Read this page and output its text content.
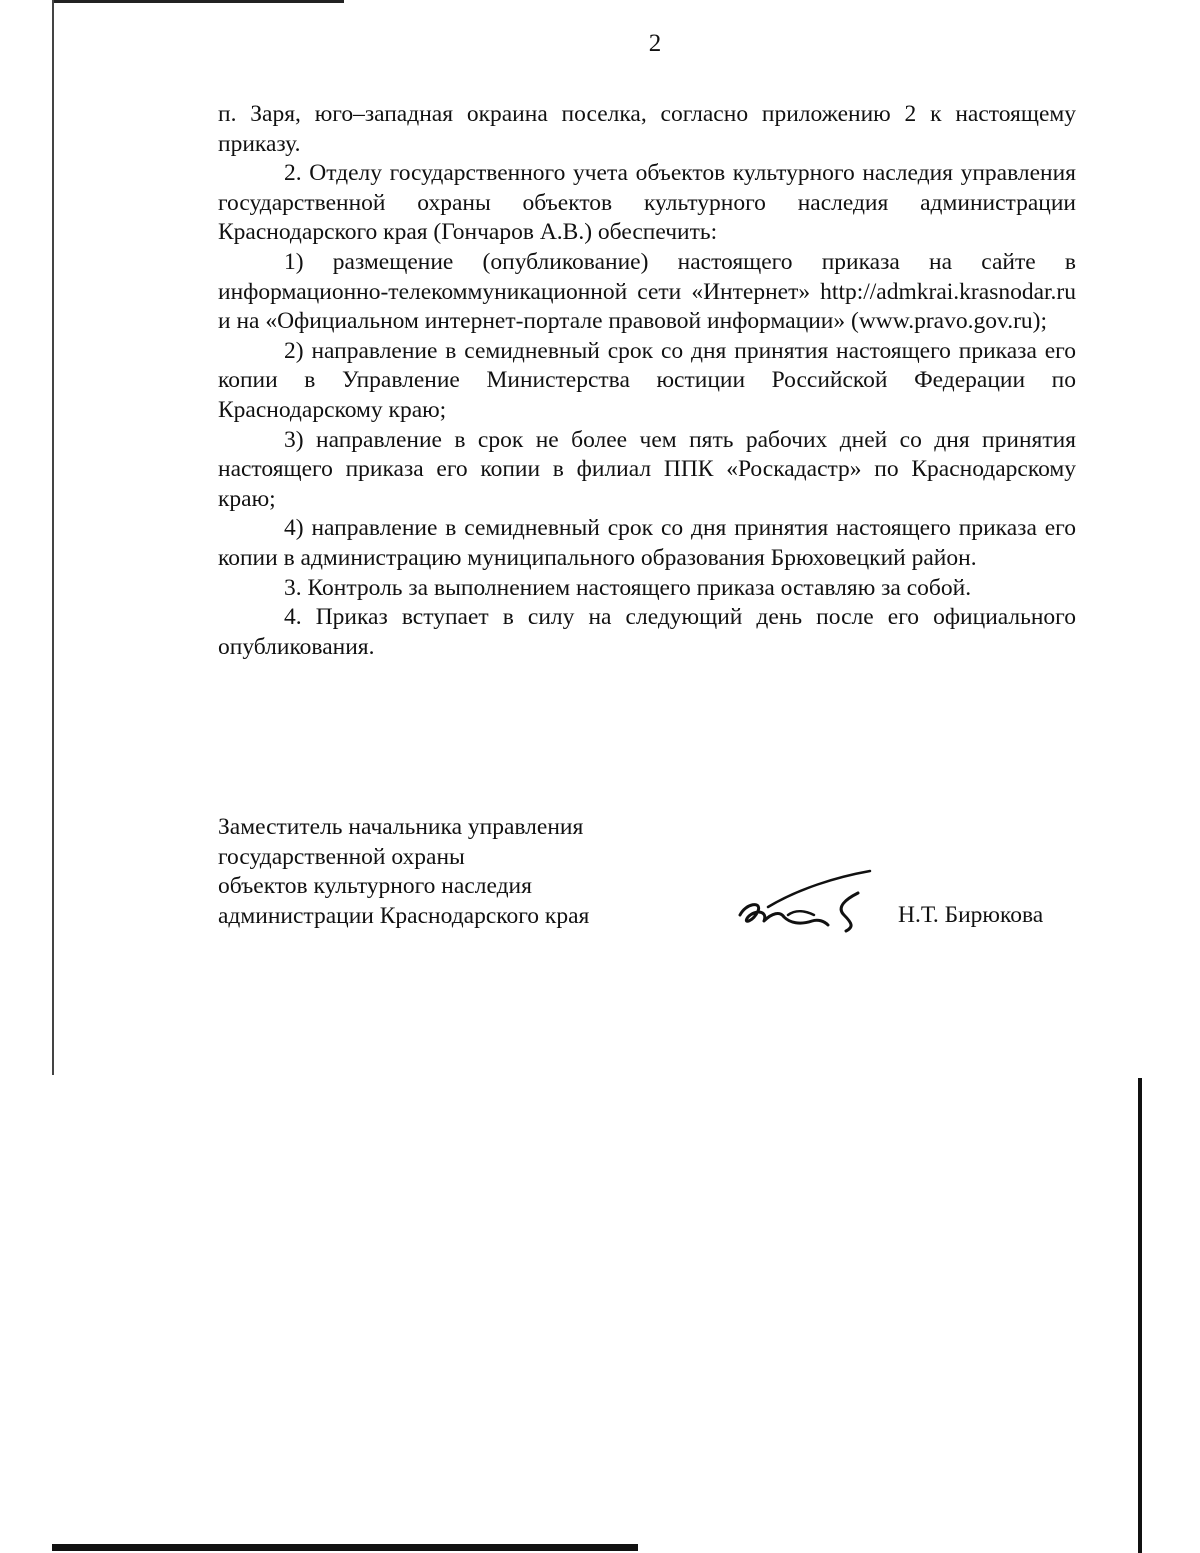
2

п. Заря, юго–западная окраина поселка, согласно приложению 2 к настоящему приказу.

2. Отделу государственного учета объектов культурного наследия управления государственной охраны объектов культурного наследия администрации Краснодарского края (Гончаров А.В.) обеспечить:

1) размещение (опубликование) настоящего приказа на сайте в информационно-телекоммуникационной сети «Интернет» http://admkrai.krasnodar.ru и на «Официальном интернет-портале правовой информации» (www.pravo.gov.ru);

2) направление в семидневный срок со дня принятия настоящего приказа его копии в Управление Министерства юстиции Российской Федерации по Краснодарскому краю;

3) направление в срок не более чем пять рабочих дней со дня принятия настоящего приказа его копии в филиал ППК «Роскадастр» по Краснодарскому краю;

4) направление в семидневный срок со дня принятия настоящего приказа его копии в администрацию муниципального образования Брюховецкий район.

3. Контроль за выполнением настоящего приказа оставляю за собой.

4. Приказ вступает в силу на следующий день после его официального опубликования.

Заместитель начальника управления
государственной охраны
объектов культурного наследия
администрации Краснодарского края	Н.Т. Бирюкова
